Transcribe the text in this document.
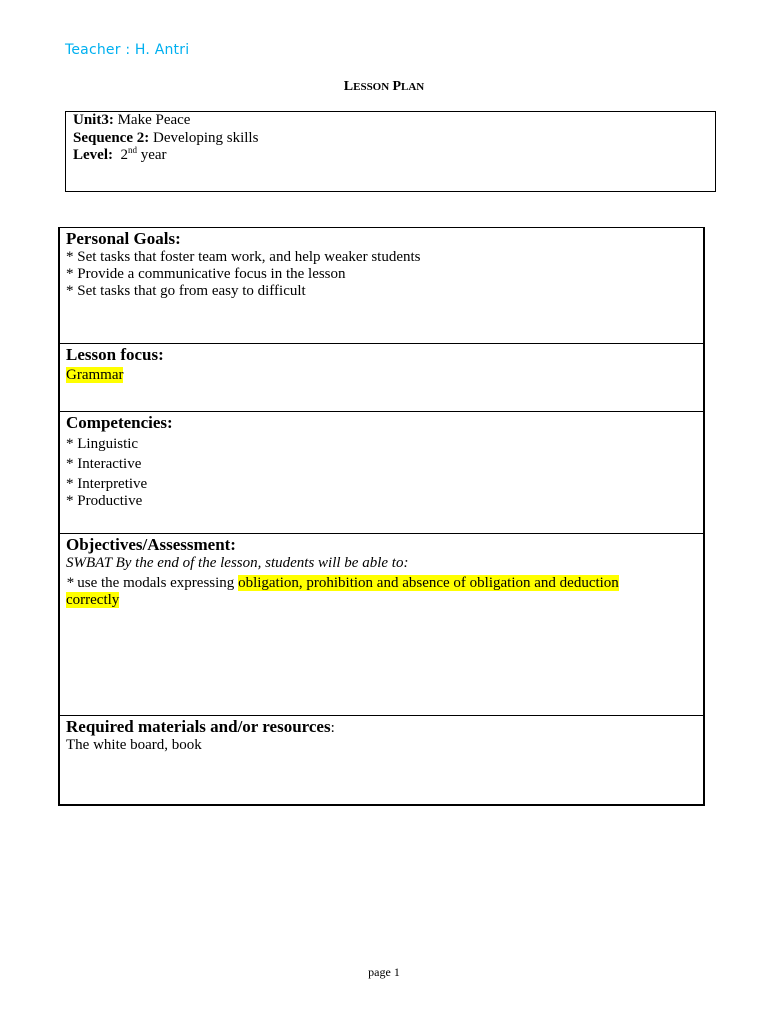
Teacher : H. Antri
LESSON PLAN
Unit3: Make Peace
Sequence 2: Developing skills
Level: 2nd year
Personal Goals:
* Set tasks that foster team work, and help weaker students
* Provide a communicative focus in the lesson
* Set tasks that go from easy to difficult
Lesson focus:
Grammar
Competencies:
* Linguistic
* Interactive
* Interpretive
* Productive
Objectives/Assessment:
SWBAT By the end of the lesson, students will be able to:
* use the modals expressing obligation, prohibition and absence of obligation and deduction correctly
Required materials and/or resources:
The white board, book
page 1
